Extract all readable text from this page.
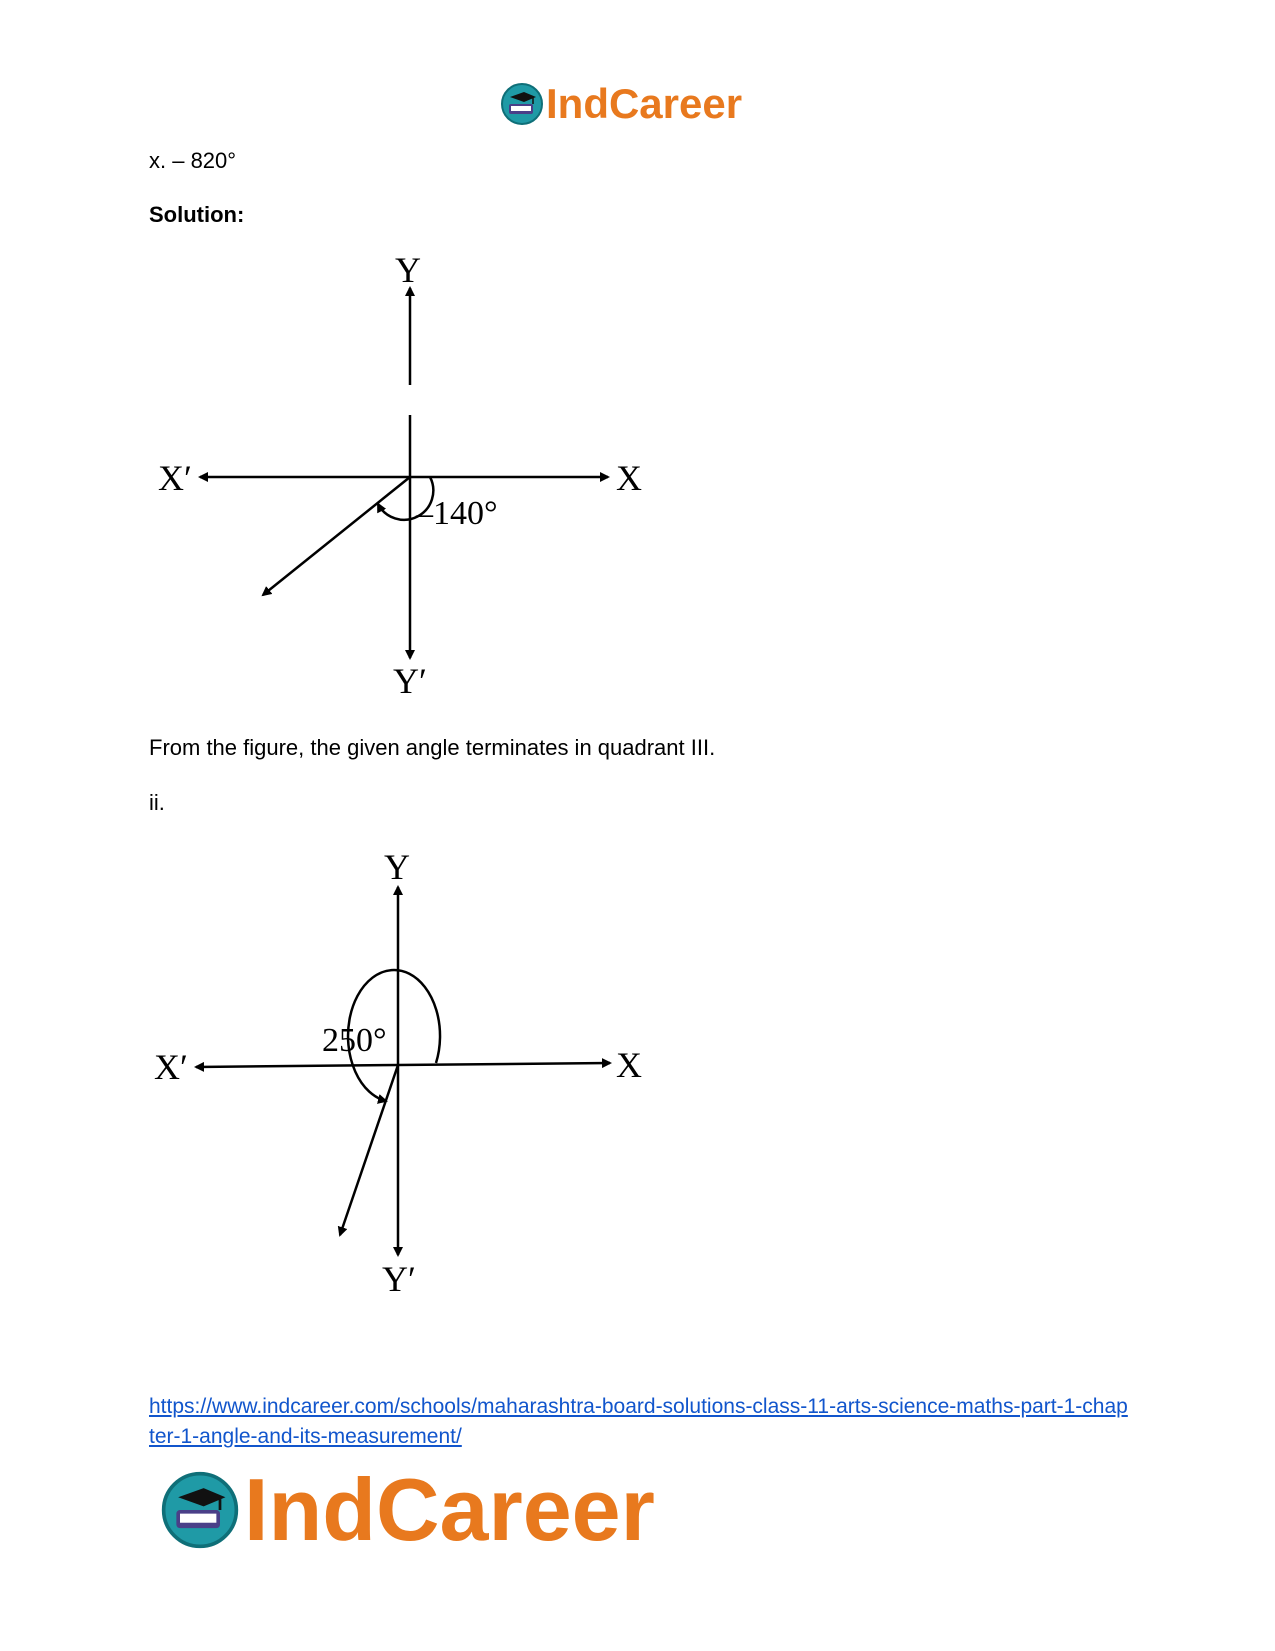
IndCareer
x. – 820°
Solution:
Y
Y′
X
X′
–140°
From the figure, the given angle terminates in quadrant III.
ii.
Y
Y′
X
X′
250°
https://www.indcareer.com/schools/maharashtra-board-solutions-class-11-arts-science-maths-part-1-chapter-1-angle-and-its-measurement/
IndCareer
